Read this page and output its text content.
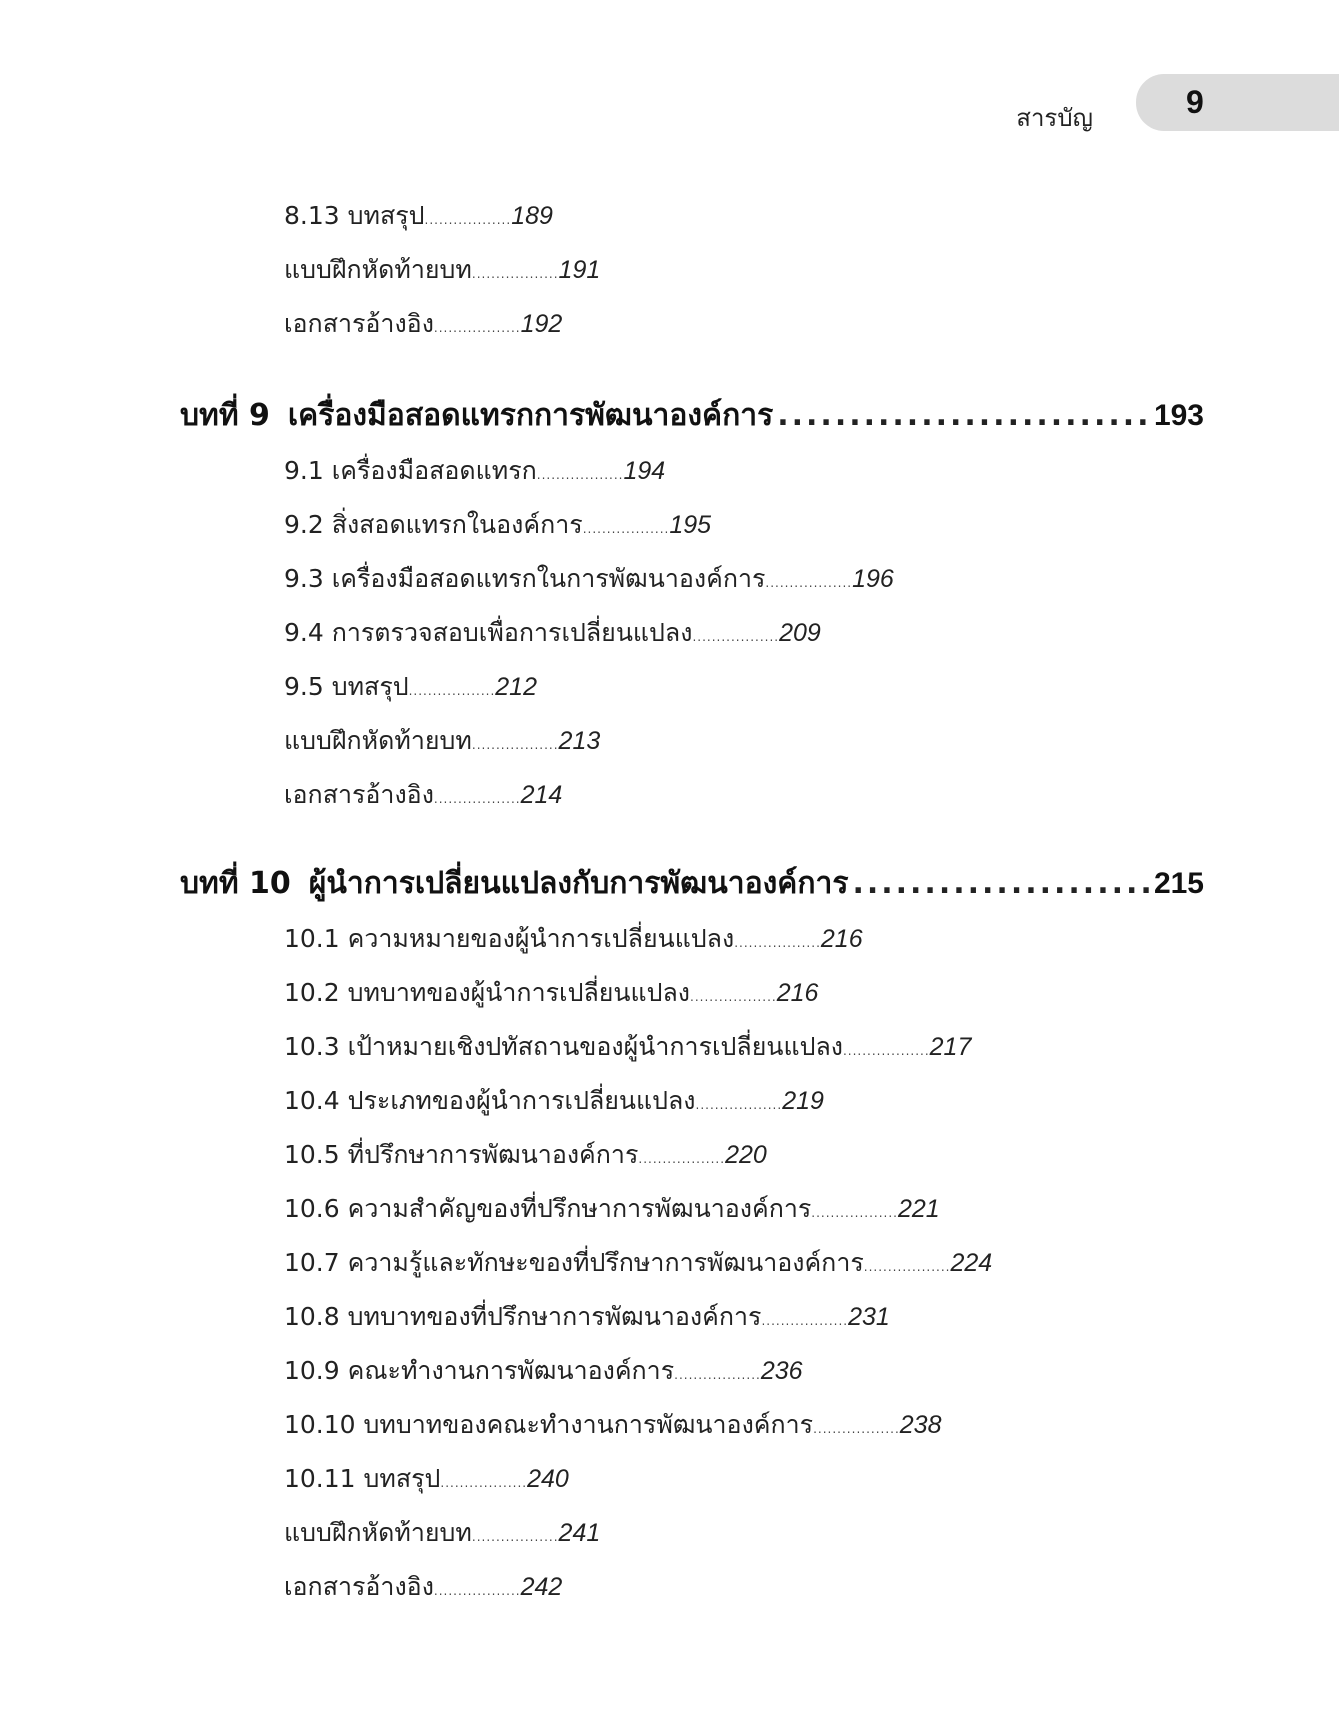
สารบัญ	9
8.13 บทสรุป..................189
แบบฝึกหัดท้ายบท..................191
เอกสารอ้างอิง..................192
บทที่ 9 เครื่องมือสอดแทรกการพัฒนาองค์การ .....	193
9.1 เครื่องมือสอดแทรก..................194
9.2 สิ่งสอดแทรกในองค์การ..................195
9.3 เครื่องมือสอดแทรกในการพัฒนาองค์การ..................196
9.4 การตรวจสอบเพื่อการเปลี่ยนแปลง..................209
9.5 บทสรุป..................212
แบบฝึกหัดท้ายบท..................213
เอกสารอ้างอิง..................214
บทที่ 10 ผู้นำการเปลี่ยนแปลงกับการพัฒนาองค์การ .....	215
10.1 ความหมายของผู้นำการเปลี่ยนแปลง..................216
10.2 บทบาทของผู้นำการเปลี่ยนแปลง..................216
10.3 เป้าหมายเชิงปทัสถานของผู้นำการเปลี่ยนแปลง..................217
10.4 ประเภทของผู้นำการเปลี่ยนแปลง..................219
10.5 ที่ปรึกษาการพัฒนาองค์การ..................220
10.6 ความสำคัญของที่ปรึกษาการพัฒนาองค์การ..................221
10.7 ความรู้และทักษะของที่ปรึกษาการพัฒนาองค์การ..................224
10.8 บทบาทของที่ปรึกษาการพัฒนาองค์การ..................231
10.9 คณะทำงานการพัฒนาองค์การ..................236
10.10 บทบาทของคณะทำงานการพัฒนาองค์การ..................238
10.11 บทสรุป..................240
แบบฝึกหัดท้ายบท..................241
เอกสารอ้างอิง..................242
